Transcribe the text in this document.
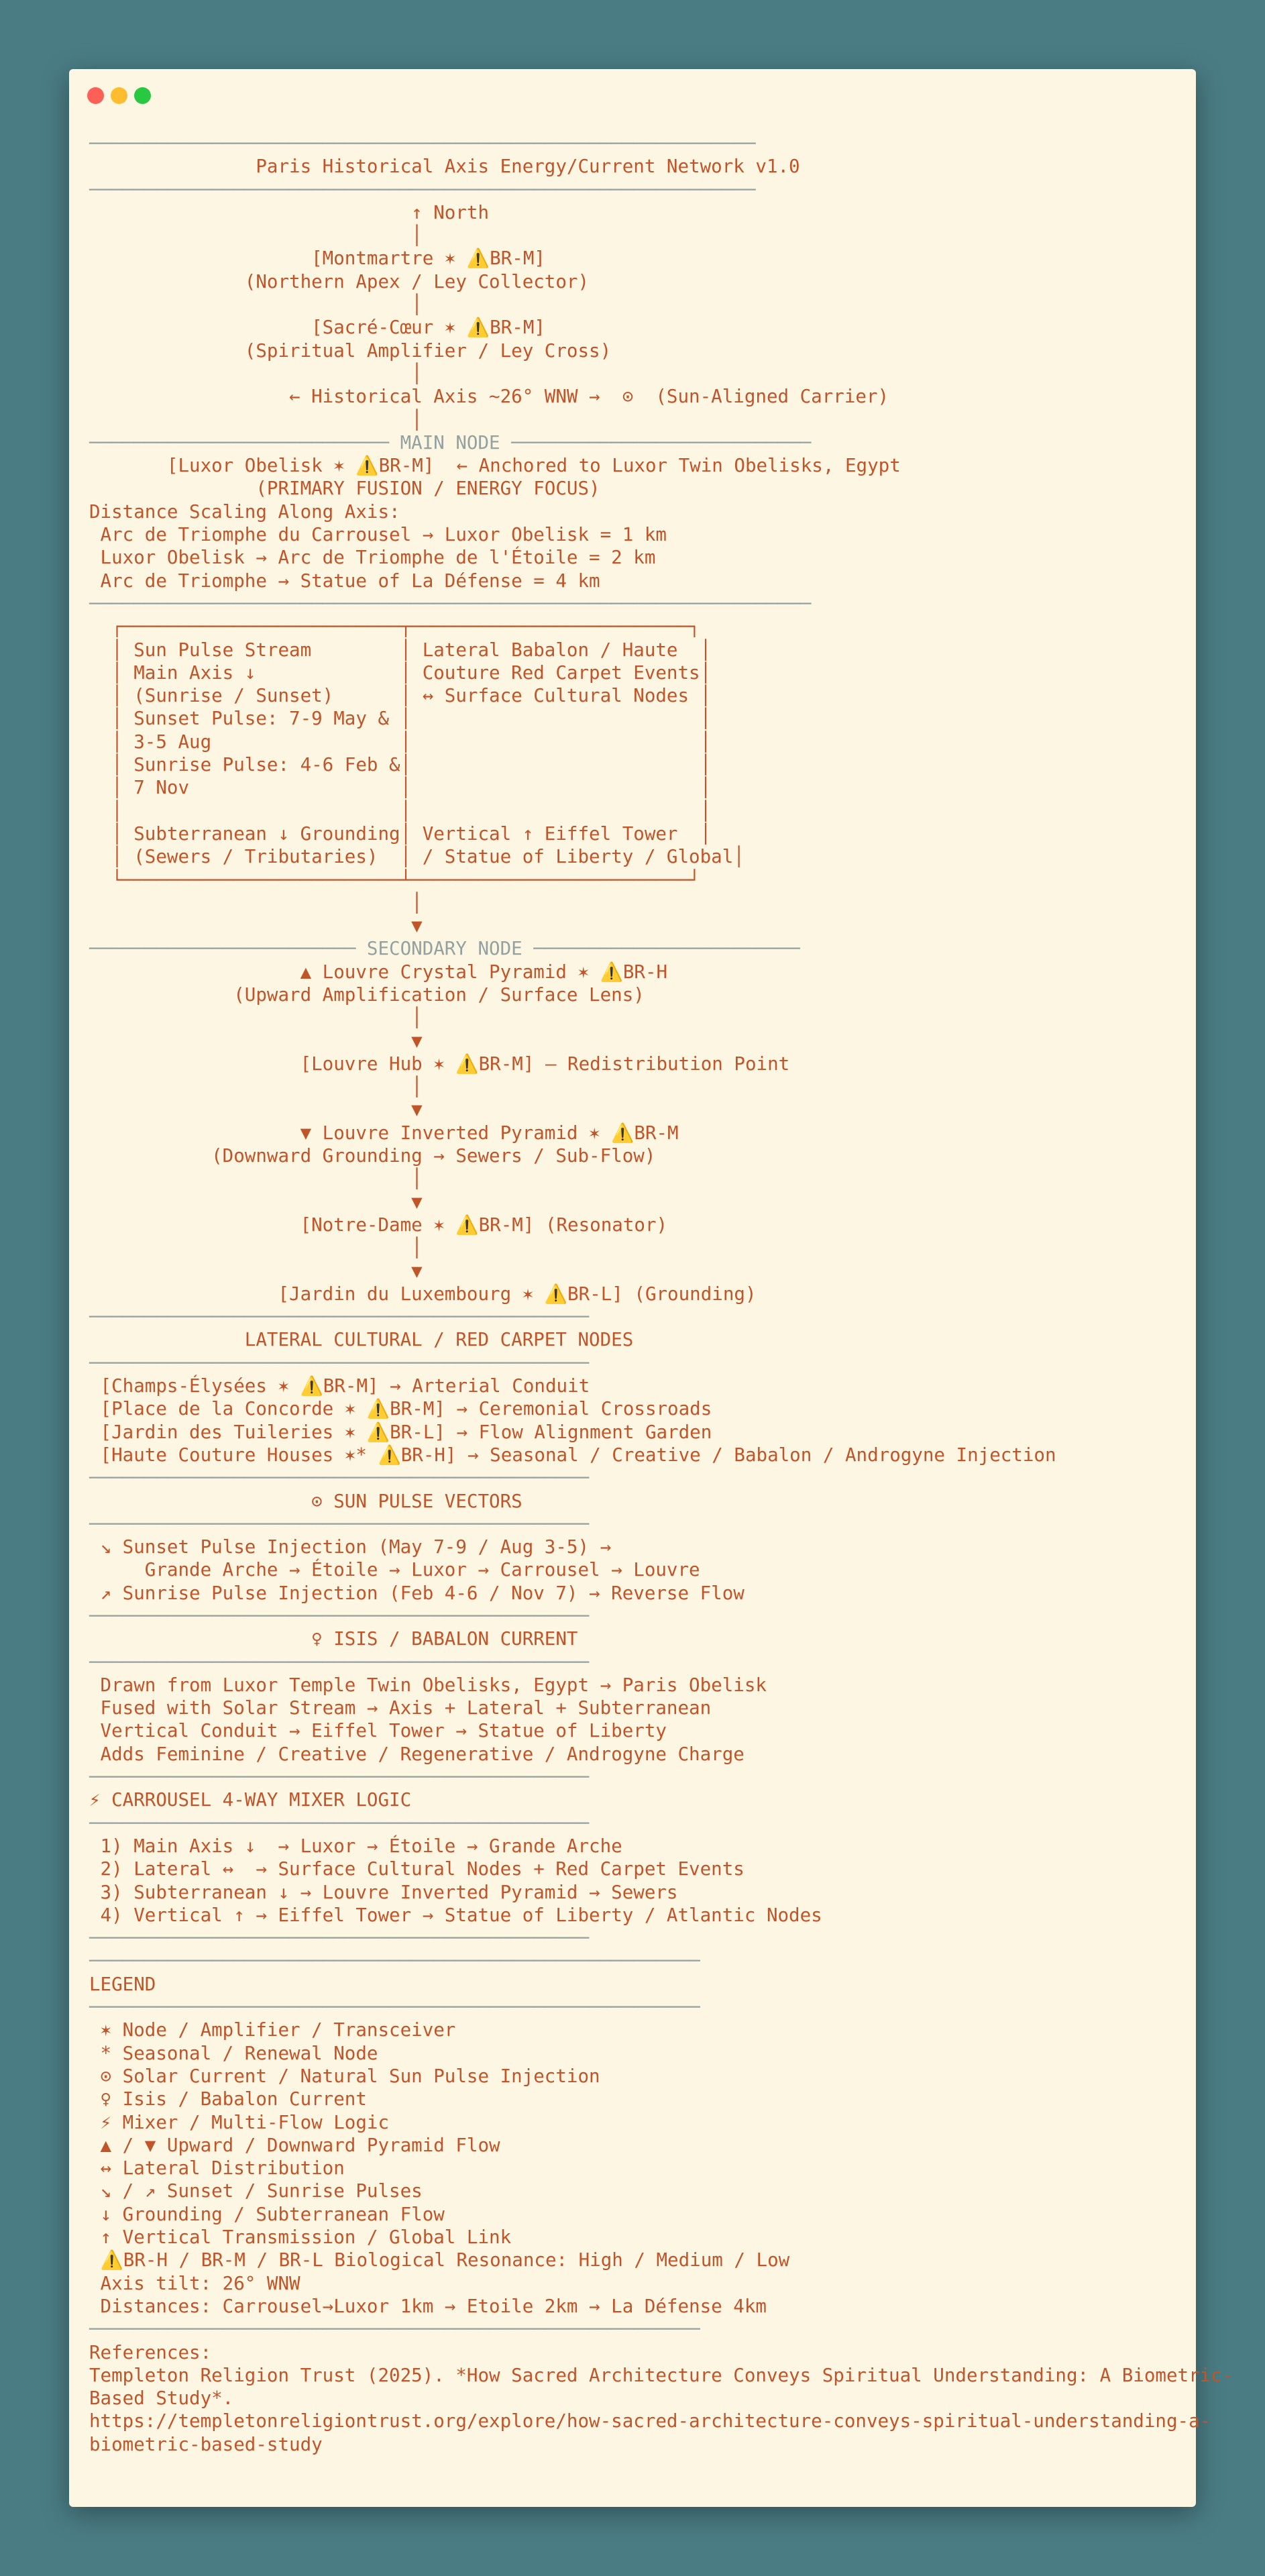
────────────────────────────────────────────────────────────
Paris Historical Axis Energy/Current Network v1.0
────────────────────────────────────────────────────────────
↑ North
│
[Montmartre ✶ ⚠️BR-M]
(Northern Apex / Ley Collector)
│
[Sacré-Cœur ✶ ⚠️BR-M]
(Spiritual Amplifier / Ley Cross)
│
← Historical Axis ~26° WNW →  ⊙  (Sun-Aligned Carrier)
│
─────────────────────────── MAIN NODE ───────────────────────────
[Luxor Obelisk ✶ ⚠️BR-M]  ← Anchored to Luxor Twin Obelisks, Egypt
(PRIMARY FUSION / ENERGY FOCUS)
Distance Scaling Along Axis:
Arc de Triomphe du Carrousel → Luxor Obelisk = 1 km
Luxor Obelisk → Arc de Triomphe de l'Étoile = 2 km
Arc de Triomphe → Statue of La Défense = 4 km
─────────────────────────────────────────────────────────────────
┌─────────────────────────┬─────────────────────────┐
│ Sun Pulse Stream        │ Lateral Babalon / Haute  │
│ Main Axis ↓             │ Couture Red Carpet Events│
│ (Sunrise / Sunset)      │ ↔ Surface Cultural Nodes │
│ Sunset Pulse: 7-9 May & │                          │
│ 3-5 Aug                 │                          │
│ Sunrise Pulse: 4-6 Feb &│                          │
│ 7 Nov                   │                          │
│                         │                          │
│ Subterranean ↓ Grounding│ Vertical ↑ Eiffel Tower  │
│ (Sewers / Tributaries)  │ / Statue of Liberty / Global│
└─────────────────────────┴─────────────────────────┘
│
▼
──────────────────────── SECONDARY NODE ────────────────────────
▲ Louvre Crystal Pyramid ✶ ⚠️BR-H
(Upward Amplification / Surface Lens)
│
▼
[Louvre Hub ✶ ⚠️BR-M] — Redistribution Point
│
▼
▼ Louvre Inverted Pyramid ✶ ⚠️BR-M
(Downward Grounding → Sewers / Sub-Flow)
│
▼
[Notre-Dame ✶ ⚠️BR-M] (Resonator)
│
▼
[Jardin du Luxembourg ✶ ⚠️BR-L] (Grounding)
─────────────────────────────────────────────
LATERAL CULTURAL / RED CARPET NODES
─────────────────────────────────────────────
[Champs-Élysées ✶ ⚠️BR-M] → Arterial Conduit
[Place de la Concorde ✶ ⚠️BR-M] → Ceremonial Crossroads
[Jardin des Tuileries ✶ ⚠️BR-L] → Flow Alignment Garden
[Haute Couture Houses ✶* ⚠️BR-H] → Seasonal / Creative / Babalon / Androgyne Injection
─────────────────────────────────────────────
⊙ SUN PULSE VECTORS
─────────────────────────────────────────────
↘ Sunset Pulse Injection (May 7-9 / Aug 3-5) →
Grande Arche → Étoile → Luxor → Carrousel → Louvre
↗ Sunrise Pulse Injection (Feb 4-6 / Nov 7) → Reverse Flow
─────────────────────────────────────────────
♀ ISIS / BABALON CURRENT
─────────────────────────────────────────────
Drawn from Luxor Temple Twin Obelisks, Egypt → Paris Obelisk
Fused with Solar Stream → Axis + Lateral + Subterranean
Vertical Conduit → Eiffel Tower → Statue of Liberty
Adds Feminine / Creative / Regenerative / Androgyne Charge
─────────────────────────────────────────────
⚡ CARROUSEL 4-WAY MIXER LOGIC
─────────────────────────────────────────────
1) Main Axis ↓  → Luxor → Étoile → Grande Arche
2) Lateral ↔  → Surface Cultural Nodes + Red Carpet Events
3) Subterranean ↓ → Louvre Inverted Pyramid → Sewers
4) Vertical ↑ → Eiffel Tower → Statue of Liberty / Atlantic Nodes
─────────────────────────────────────────────
───────────────────────────────────────────────────────
LEGEND
───────────────────────────────────────────────────────
✶ Node / Amplifier / Transceiver
* Seasonal / Renewal Node
⊙ Solar Current / Natural Sun Pulse Injection
♀ Isis / Babalon Current
⚡ Mixer / Multi-Flow Logic
▲ / ▼ Upward / Downward Pyramid Flow
↔ Lateral Distribution
↘ / ↗ Sunset / Sunrise Pulses
↓ Grounding / Subterranean Flow
↑ Vertical Transmission / Global Link
⚠️BR-H / BR-M / BR-L Biological Resonance: High / Medium / Low
Axis tilt: 26° WNW
Distances: Carrousel→Luxor 1km → Etoile 2km → La Défense 4km
───────────────────────────────────────────────────────
References:
Templeton Religion Trust (2025). *How Sacred Architecture Conveys Spiritual Understanding: A Biometric-
Based Study*.
https://templetonreligiontrust.org/explore/how-sacred-architecture-conveys-spiritual-understanding-a-
biometric-based-study
